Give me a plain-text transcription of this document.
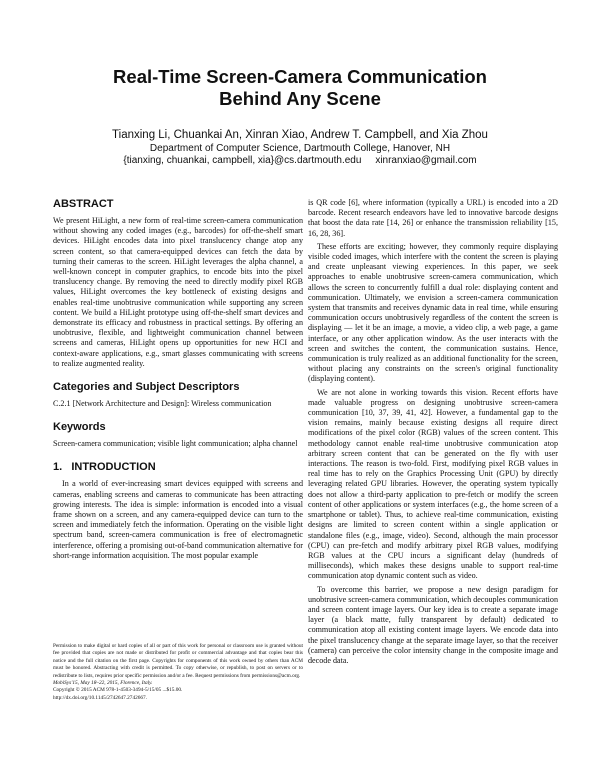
Real-Time Screen-Camera Communication
Behind Any Scene
Tianxing Li, Chuankai An, Xinran Xiao, Andrew T. Campbell, and Xia Zhou
Department of Computer Science, Dartmouth College, Hanover, NH
{tianxing, chuankai, campbell, xia}@cs.dartmouth.edu     xinranxiao@gmail.com
ABSTRACT

We present HiLight, a new form of real-time screen-camera communication without showing any coded images (e.g., barcodes) for off-the-shelf smart devices. HiLight encodes data into pixel translucency change atop any screen content, so that camera-equipped devices can fetch the data by turning their cameras to the screen. HiLight leverages the alpha channel, a well-known concept in computer graphics, to encode bits into the pixel translucency change. By removing the need to directly modify pixel RGB values, HiLight overcomes the key bottleneck of existing designs and enables real-time unobtrusive communication while supporting any screen content. We build a HiLight prototype using off-the-shelf smart devices and demonstrate its efficacy and robustness in practical settings. By offering an unobtrusive, flexible, and lightweight communication channel between screens and cameras, HiLight opens up opportunities for new HCI and context-aware applications, e.g., smart glasses communicating with screens to realize augmented reality.

Categories and Subject Descriptors

C.2.1 [Network Architecture and Design]: Wireless communication

Keywords

Screen-camera communication; visible light communication; alpha channel

1.   INTRODUCTION

In a world of ever-increasing smart devices equipped with screens and cameras, enabling screens and cameras to communicate has been attracting growing interests. The idea is simple: information is encoded into a visual frame shown on a screen, and any camera-equipped device can turn to the screen and immediately fetch the information. Operating on the visible light spectrum band, screen-camera communication is free of electromagnetic interference, offering a promising out-of-band communication alternative for short-range information acquisition. The most popular example

Permission to make digital or hard copies of all or part of this work for personal or classroom use is granted without fee provided that copies are not made or distributed for profit or commercial advantage and that copies bear this notice and the full citation on the first page. Copyrights for components of this work owned by others than ACM must be honored. Abstracting with credit is permitted. To copy otherwise, or republish, to post on servers or to redistribute to lists, requires prior specific permission and/or a fee. Request permissions from permissions@acm.org.
MobiSys'15, May 18–22, 2015, Florence, Italy.
Copyright © 2015 ACM 978-1-4503-3494-5/15/05 ...$15.00.
http://dx.doi.org/10.1145/2742647.2742667.

is QR code [6], where information (typically a URL) is encoded into a 2D barcode. Recent research endeavors have led to innovative barcode designs that boost the data rate [14, 26] or enhance the transmission reliability [15, 16, 28, 36].

These efforts are exciting; however, they commonly require displaying visible coded images, which interfere with the content the screen is playing and create unpleasant viewing experiences. In this paper, we seek approaches to enable unobtrusive screen-camera communication, which allows the screen to concurrently fulfill a dual role: displaying content and communication. Ultimately, we envision a screen-camera communication system that transmits and receives dynamic data in real time, while ensuring communication occurs unobtrusively regardless of the content the screen is displaying — let it be an image, a movie, a video clip, a web page, a game interface, or any other application window. As the user interacts with the screen and switches the content, the communication sustains. Hence, communication is truly realized as an additional functionality for the screen, without placing any constraints on the screen's original functionality (displaying content).

We are not alone in working towards this vision. Recent efforts have made valuable progress on designing unobtrusive screen-camera communication [10, 37, 39, 41, 42]. However, a fundamental gap to the vision remains, mainly because existing designs all require direct modifications of the pixel color (RGB) values of the screen content. This methodology cannot enable real-time unobtrusive communication atop arbitrary screen content that can be generated on the fly with user interactions. The reason is two-fold. First, modifying pixel RGB values in real time has to rely on the Graphics Processing Unit (GPU) by directly leveraging related GPU libraries. However, the operating system typically does not allow a third-party application to pre-fetch or modify the screen content of other applications or system interfaces (e.g., the home screen of a smartphone or tablet). Thus, to achieve real-time communication, existing designs are limited to screen content within a single application or standalone files (e.g., image, video). Second, although the main processor (CPU) can pre-fetch and modify arbitrary pixel RGB values, modifying RGB values at the CPU incurs a significant delay (hundreds of milliseconds), which makes these designs unable to support real-time communication atop dynamic content such as video.

To overcome this barrier, we propose a new design paradigm for unobtrusive screen-camera communication, which decouples communication and screen content image layers. Our key idea is to create a separate image layer (a black matte, fully transparent by default) dedicated to communication atop all existing content image layers. We encode data into the pixel translucency change at the separate image layer, so that the receiver (camera) can perceive the color intensity change in the composite image and decode data.
